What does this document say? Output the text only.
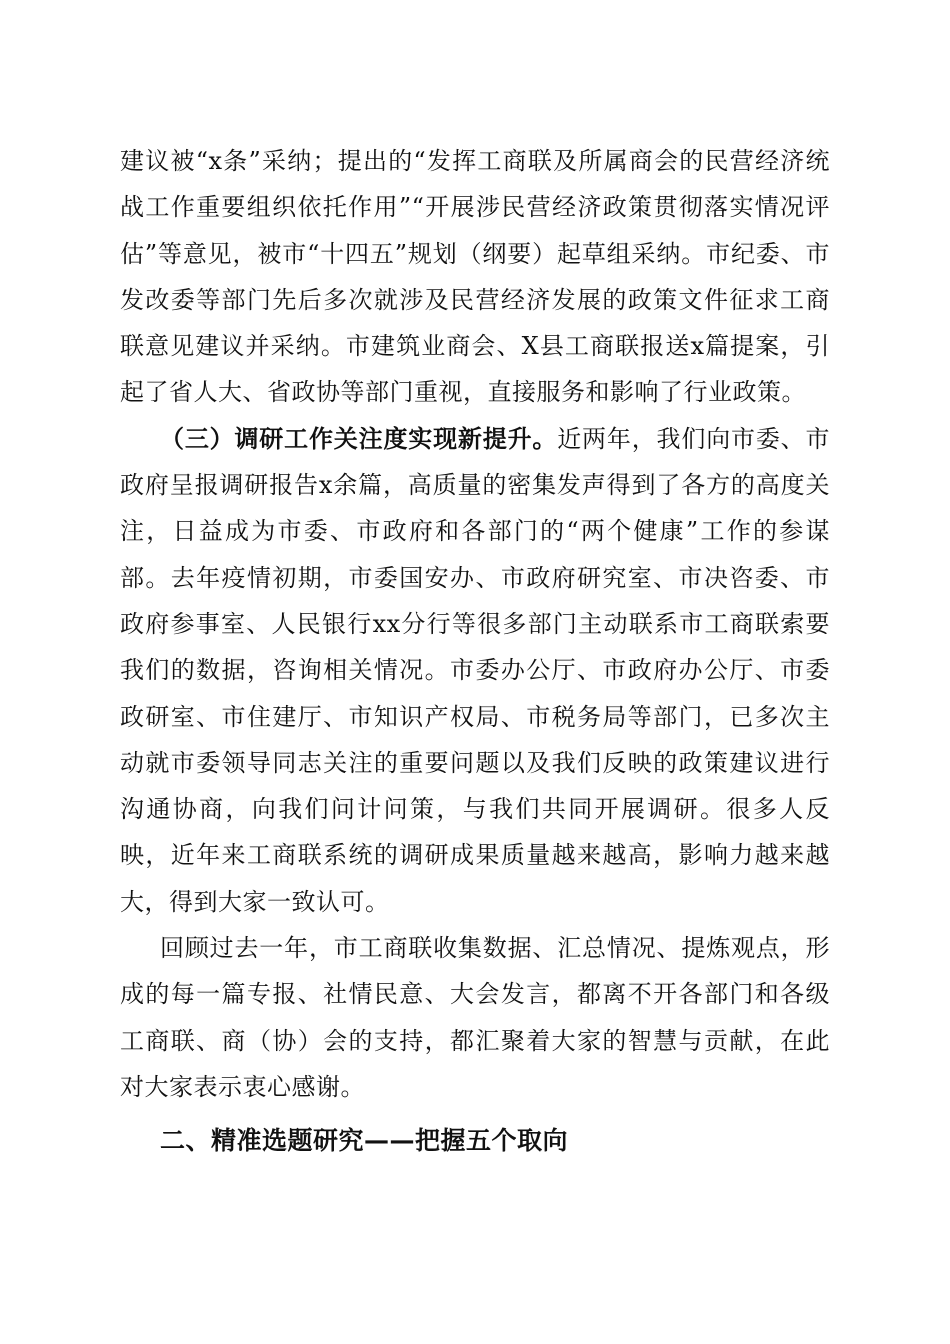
建议被“x条”采纳；提出的“发挥工商联及所属商会的民营经济统战工作重要组织依托作用”“开展涉民营经济政策贯彻落实情况评估”等意见，被市“十四五”规划（纲要）起草组采纳。市纪委、市发改委等部门先后多次就涉及民营经济发展的政策文件征求工商联意见建议并采纳。市建筑业商会、X县工商联报送x篇提案，引起了省人大、省政协等部门重视，直接服务和影响了行业政策。

（三）调研工作关注度实现新提升。近两年，我们向市委、市政府呈报调研报告x余篇，高质量的密集发声得到了各方的高度关注，日益成为市委、市政府和各部门的“两个健康”工作的参谋部。去年疫情初期，市委国安办、市政府研究室、市决咨委、市政府参事室、人民银行xx分行等很多部门主动联系市工商联索要我们的数据，咨询相关情况。市委办公厅、市政府办公厅、市委政研室、市住建厅、市知识产权局、市税务局等部门，已多次主动就市委领导同志关注的重要问题以及我们反映的政策建议进行沟通协商，向我们问计问策，与我们共同开展调研。很多人反映，近年来工商联系统的调研成果质量越来越高，影响力越来越大，得到大家一致认可。

回顾过去一年，市工商联收集数据、汇总情况、提炼观点，形成的每一篇专报、社情民意、大会发言，都离不开各部门和各级工商联、商（协）会的支持，都汇聚着大家的智慧与贡献，在此对大家表示衷心感谢。

二、精准选题研究——把握五个取向
